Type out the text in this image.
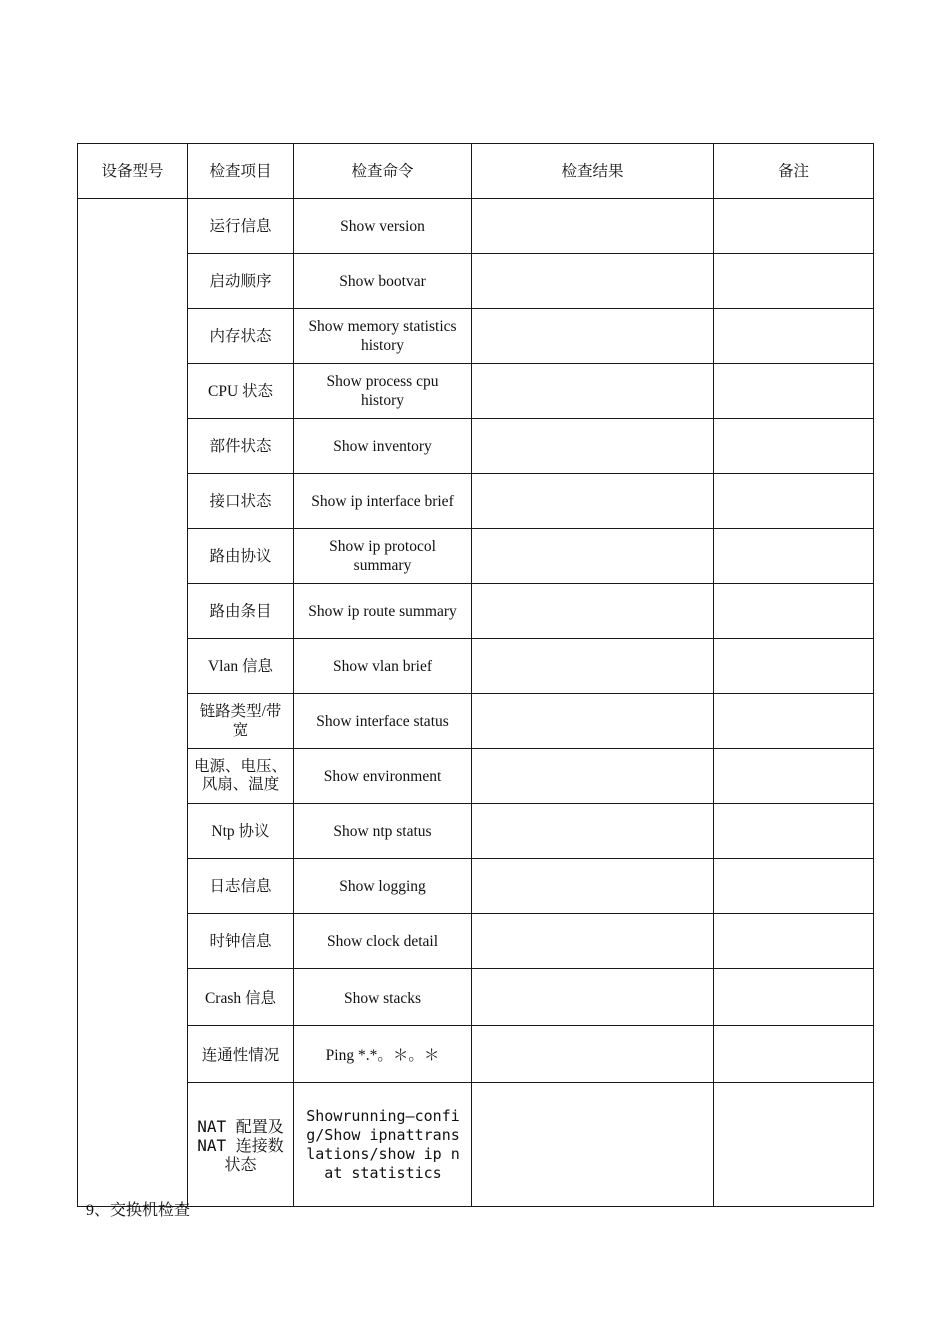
设备型号	检查项目	检查命令	检查结果	备注
	运行信息	Show version		
	启动顺序	Show bootvar		
	内存状态	Show memory statistics history		
	CPU 状态	Show process cpu history		
	部件状态	Show inventory		
	接口状态	Show ip interface brief		
	路由协议	Show ip protocol summary		
	路由条目	Show ip route summary		
	Vlan 信息	Show vlan brief		
	链路类型/带宽	Show interface status		
	电源、电压、风扇、温度	Show environment		
	Ntp 协议	Show ntp status		
	日志信息	Show logging		
	时钟信息	Show clock detail		
	Crash 信息	Show stacks		
	连通性情况	Ping *.*。＊。＊		
	NAT 配置及 NAT 连接数状态	Showrunning—config/Show ipnattranslations/show ip nat statistics		
9、交换机检查
